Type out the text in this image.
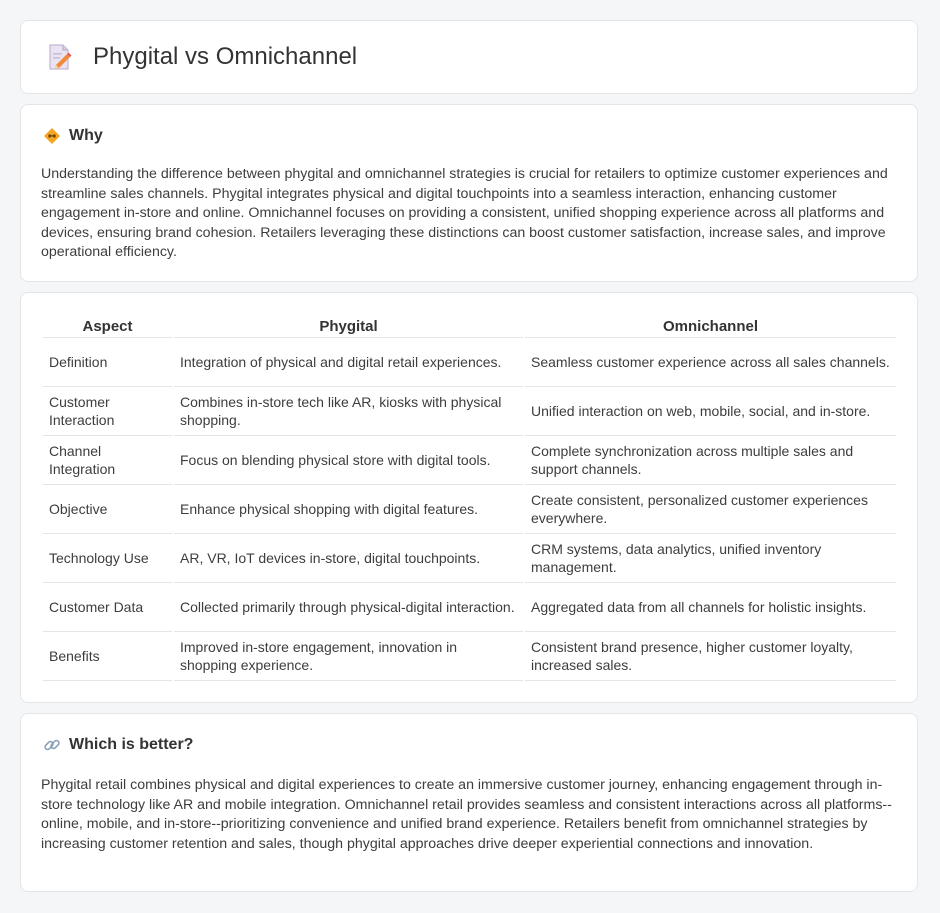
Phygital vs Omnichannel
Why
Understanding the difference between phygital and omnichannel strategies is crucial for retailers to optimize customer experiences and streamline sales channels. Phygital integrates physical and digital touchpoints into a seamless interaction, enhancing customer engagement in-store and online. Omnichannel focuses on providing a consistent, unified shopping experience across all platforms and devices, ensuring brand cohesion. Retailers leveraging these distinctions can boost customer satisfaction, increase sales, and improve operational efficiency.
Aspect	Phygital	Omnichannel
Definition	Integration of physical and digital retail experiences.	Seamless customer experience across all sales channels.
Customer Interaction	Combines in-store tech like AR, kiosks with physical shopping.	Unified interaction on web, mobile, social, and in-store.
Channel Integration	Focus on blending physical store with digital tools.	Complete synchronization across multiple sales and support channels.
Objective	Enhance physical shopping with digital features.	Create consistent, personalized customer experiences everywhere.
Technology Use	AR, VR, IoT devices in-store, digital touchpoints.	CRM systems, data analytics, unified inventory management.
Customer Data	Collected primarily through physical-digital interaction.	Aggregated data from all channels for holistic insights.
Benefits	Improved in-store engagement, innovation in shopping experience.	Consistent brand presence, higher customer loyalty, increased sales.
Which is better?
Phygital retail combines physical and digital experiences to create an immersive customer journey, enhancing engagement through in-store technology like AR and mobile integration. Omnichannel retail provides seamless and consistent interactions across all platforms--online, mobile, and in-store--prioritizing convenience and unified brand experience. Retailers benefit from omnichannel strategies by increasing customer retention and sales, though phygital approaches drive deeper experiential connections and innovation.
